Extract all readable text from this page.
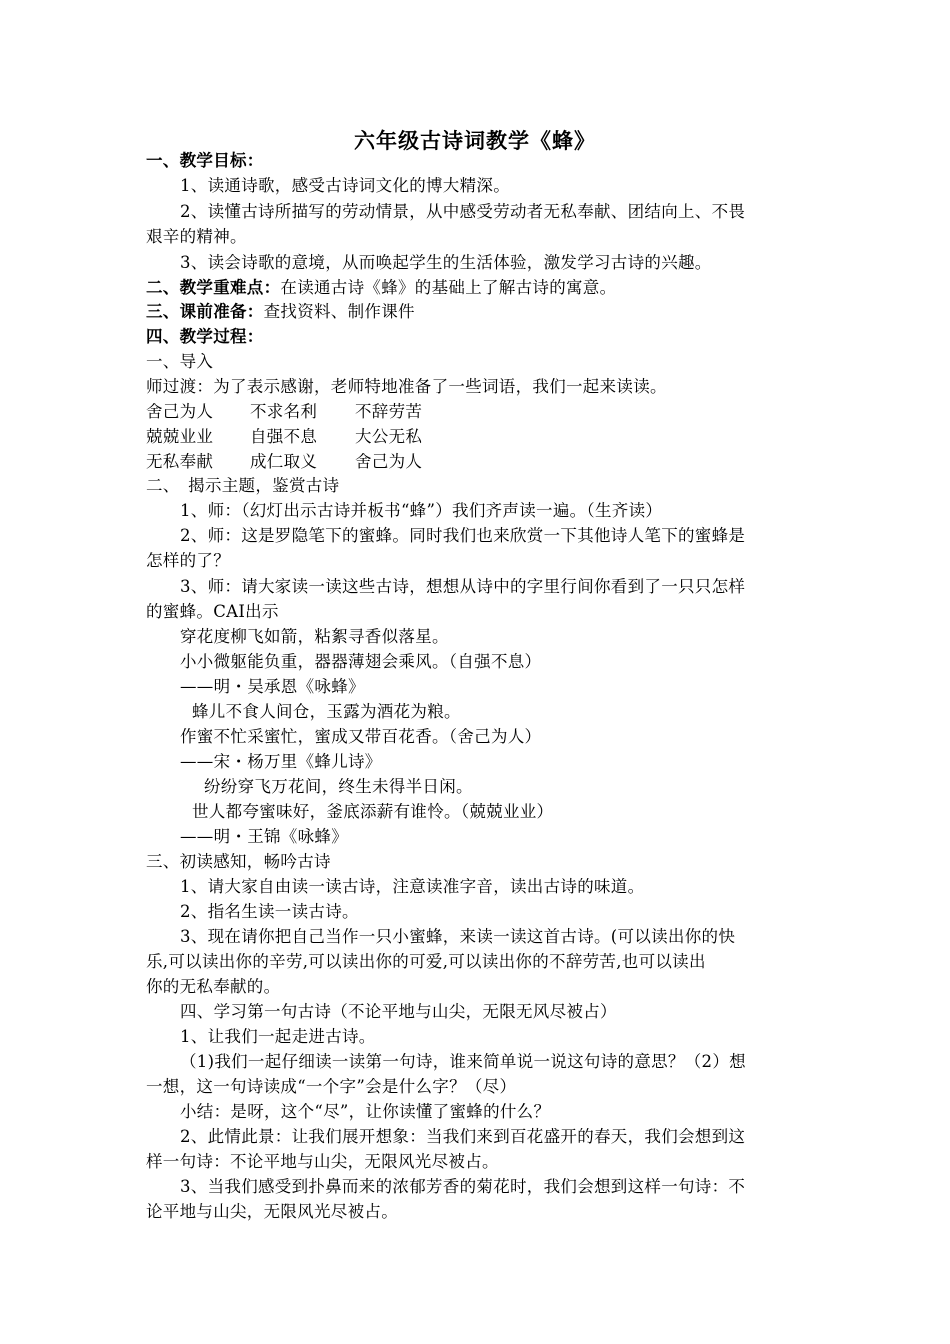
六年级古诗词教学《蜂》
一、教学目标：
1、读通诗歌，感受古诗词文化的博大精深。
2、读懂古诗所描写的劳动情景，从中感受劳动者无私奉献、团结向上、不畏
艰辛的精神。
3、读会诗歌的意境，从而唤起学生的生活体验，激发学习古诗的兴趣。
二、教学重难点：在读通古诗《蜂》的基础上了解古诗的寓意。
三、课前准备：查找资料、制作课件
四、教学过程：
一、导入
师过渡：为了表示感谢，老师特地准备了一些词语，我们一起来读读。
舍己为人 不求名利 不辞劳苦
兢兢业业 自强不息 大公无私
无私奉献 成仁取义 舍己为人
二、　揭示主题，鉴赏古诗
1、师：（幻灯出示古诗并板书“蜂”）我们齐声读一遍。（生齐读）
2、师：这是罗隐笔下的蜜蜂。同时我们也来欣赏一下其他诗人笔下的蜜蜂是
怎样的了？
3、师：请大家读一读这些古诗，想想从诗中的字里行间你看到了一只只怎样
的蜜蜂。CAI出示
穿花度柳飞如箭，粘絮寻香似落星。
小小微躯能负重，器器薄翅会乘风。（自强不息）
——明・吴承恩《咏蜂》
蜂儿不食人间仓，玉露为酒花为粮。
作蜜不忙采蜜忙，蜜成又带百花香。（舍己为人）
——宋・杨万里《蜂儿诗》
纷纷穿飞万花间，终生未得半日闲。
世人都夸蜜味好，釜底添薪有谁怜。（兢兢业业）
——明・王锦《咏蜂》
三、初读感知，畅吟古诗
1、请大家自由读一读古诗，注意读准字音，读出古诗的味道。
2、指名生读一读古诗。
3、现在请你把自己当作一只小蜜蜂，来读一读这首古诗。(可以读出你的快
乐,可以读出你的辛劳,可以读出你的可爱,可以读出你的不辞劳苦,也可以读出
你的无私奉献的。
四、学习第一句古诗（不论平地与山尖，无限无风尽被占）
1、让我们一起走进古诗。
（1)我们一起仔细读一读第一句诗，谁来简单说一说这句诗的意思？（2）想
一想，这一句诗读成“一个字”会是什么字？（尽）
小结：是呀，这个“尽”，让你读懂了蜜蜂的什么？
2、此情此景：让我们展开想象：当我们来到百花盛开的春天，我们会想到这
样一句诗：不论平地与山尖，无限风光尽被占。
3、当我们感受到扑鼻而来的浓郁芳香的菊花时，我们会想到这样一句诗：不
论平地与山尖，无限风光尽被占。
